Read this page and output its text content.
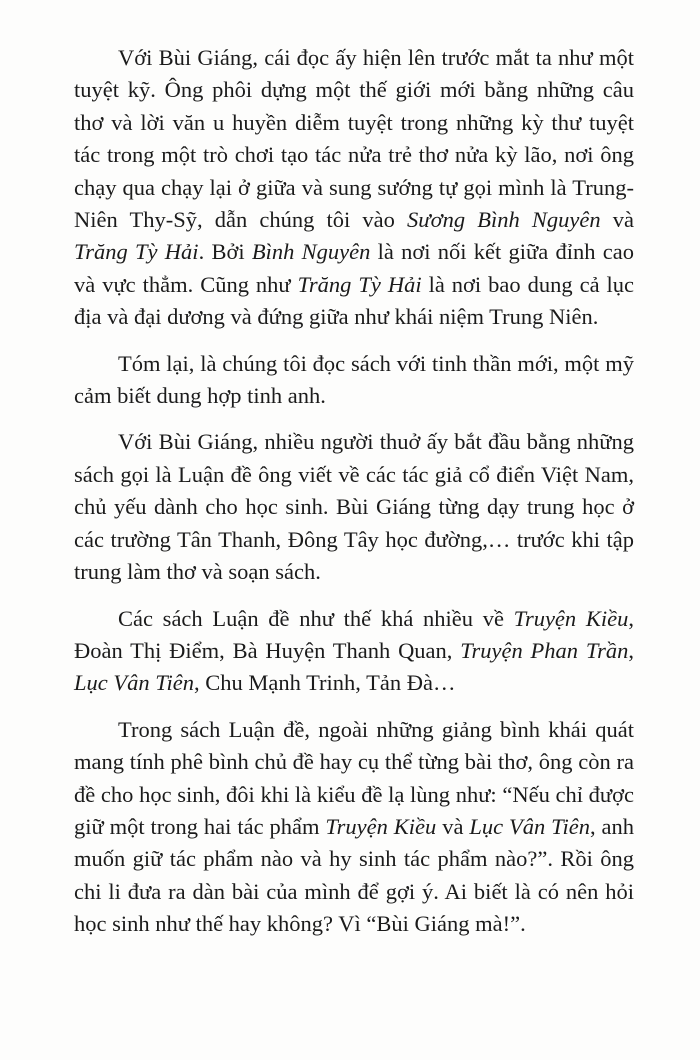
Với Bùi Giáng, cái đọc ấy hiện lên trước mắt ta như một tuyệt kỹ. Ông phôi dựng một thế giới mới bằng những câu thơ và lời văn u huyền diễm tuyệt trong những kỳ thư tuyệt tác trong một trò chơi tạo tác nửa trẻ thơ nửa kỳ lão, nơi ông chạy qua chạy lại ở giữa và sung sướng tự gọi mình là Trung-Niên Thy-Sỹ, dẫn chúng tôi vào Sương Bình Nguyên và Trăng Tỳ Hải. Bởi Bình Nguyên là nơi nối kết giữa đỉnh cao và vực thẳm. Cũng như Trăng Tỳ Hải là nơi bao dung cả lục địa và đại dương và đứng giữa như khái niệm Trung Niên.

Tóm lại, là chúng tôi đọc sách với tinh thần mới, một mỹ cảm biết dung hợp tinh anh.

Với Bùi Giáng, nhiều người thuở ấy bắt đầu bằng những sách gọi là Luận đề ông viết về các tác giả cổ điển Việt Nam, chủ yếu dành cho học sinh. Bùi Giáng từng dạy trung học ở các trường Tân Thanh, Đông Tây học đường,… trước khi tập trung làm thơ và soạn sách.

Các sách Luận đề như thế khá nhiều về Truyện Kiều, Đoàn Thị Điểm, Bà Huyện Thanh Quan, Truyện Phan Trần, Lục Vân Tiên, Chu Mạnh Trinh, Tản Đà…

Trong sách Luận đề, ngoài những giảng bình khái quát mang tính phê bình chủ đề hay cụ thể từng bài thơ, ông còn ra đề cho học sinh, đôi khi là kiểu đề lạ lùng như: “Nếu chỉ được giữ một trong hai tác phẩm Truyện Kiều và Lục Vân Tiên, anh muốn giữ tác phẩm nào và hy sinh tác phẩm nào?”. Rồi ông chi li đưa ra dàn bài của mình để gợi ý. Ai biết là có nên hỏi học sinh như thế hay không? Vì “Bùi Giáng mà!”.
